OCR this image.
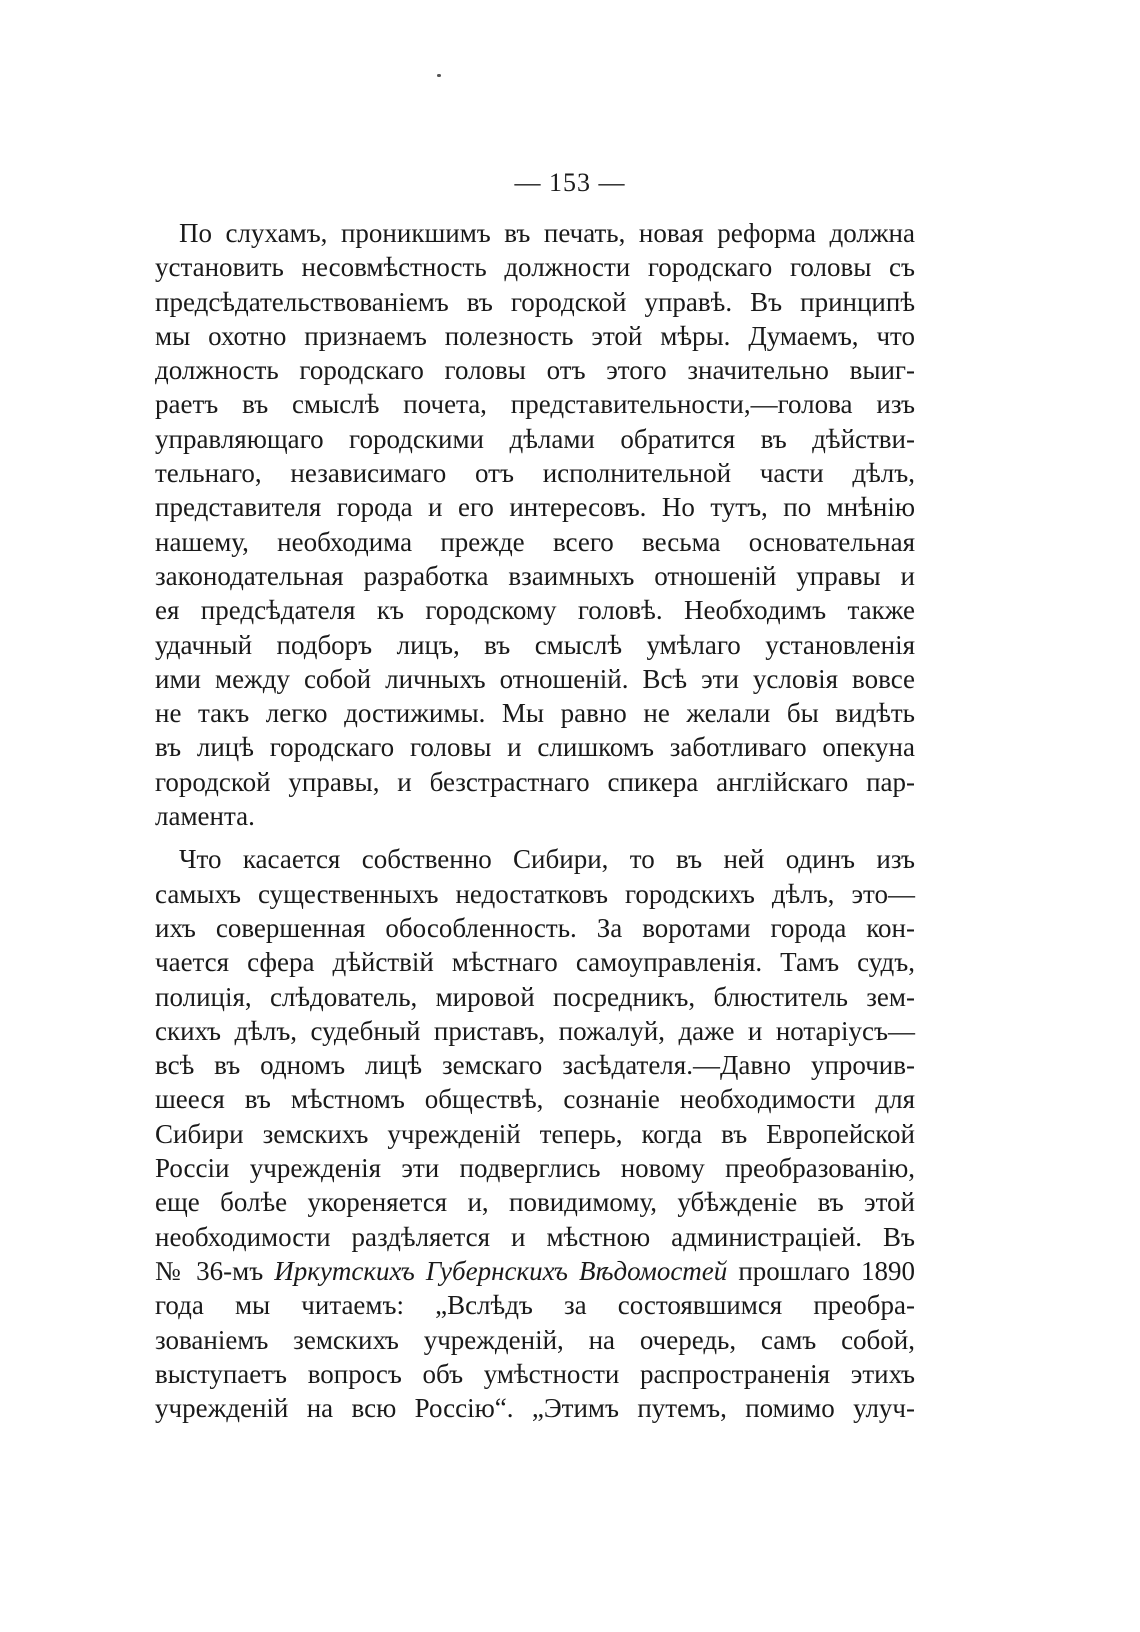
— 153 —
По слухамъ, проникшимъ въ печать, новая реформа должна
установить несовмѣстность должности городскаго головы съ
предсѣдательствованіемъ въ городской управѣ. Въ принципѣ
мы охотно признаемъ полезность этой мѣры. Думаемъ, что
должность городскаго головы отъ этого значительно выиг-
раетъ въ смыслѣ почета, представительности,—голова изъ
управляющаго городскими дѣлами обратится въ дѣйстви-
тельнаго, независимаго отъ исполнительной части дѣлъ,
представителя города и его интересовъ. Но тутъ, по мнѣнію
нашему, необходима прежде всего весьма основательная
законодательная разработка взаимныхъ отношеній управы и
ея предсѣдателя къ городскому головѣ. Необходимъ также
удачный подборъ лицъ, въ смыслѣ умѣлаго установленія
ими между собой личныхъ отношеній. Всѣ эти условія вовсе
не такъ легко достижимы. Мы равно не желали бы видѣть
въ лицѣ городскаго головы и слишкомъ заботливаго опекуна
городской управы, и безстрастнаго спикера англійскаго пар-
ламента.
Что касается собственно Сибири, то въ ней одинъ изъ
самыхъ существенныхъ недостатковъ городскихъ дѣлъ, это—
ихъ совершенная обособленность. За воротами города кон-
чается сфера дѣйствій мѣстнаго самоуправленія. Тамъ судъ,
полиція, слѣдователь, мировой посредникъ, блюститель зем-
скихъ дѣлъ, судебный приставъ, пожалуй, даже и нотаріусъ—
всѣ въ одномъ лицѣ земскаго засѣдателя.—Давно упрочив-
шееся въ мѣстномъ обществѣ, сознаніе необходимости для
Сибири земскихъ учрежденій теперь, когда въ Европейской
Россіи учрежденія эти подверглись новому преобразованію,
еще болѣе укореняется и, повидимому, убѣжденіе въ этой
необходимости раздѣляется и мѣстною администраціей. Въ
№ 36-мъ Иркутскихъ Губернскихъ Вѣдомостей прошлаго 1890
года мы читаемъ: „Вслѣдъ за состоявшимся преобра-
зованіемъ земскихъ учрежденій, на очередь, самъ собой,
выступаетъ вопросъ объ умѣстности распространенія этихъ
учрежденій на всю Россію“. „Этимъ путемъ, помимо улуч-
